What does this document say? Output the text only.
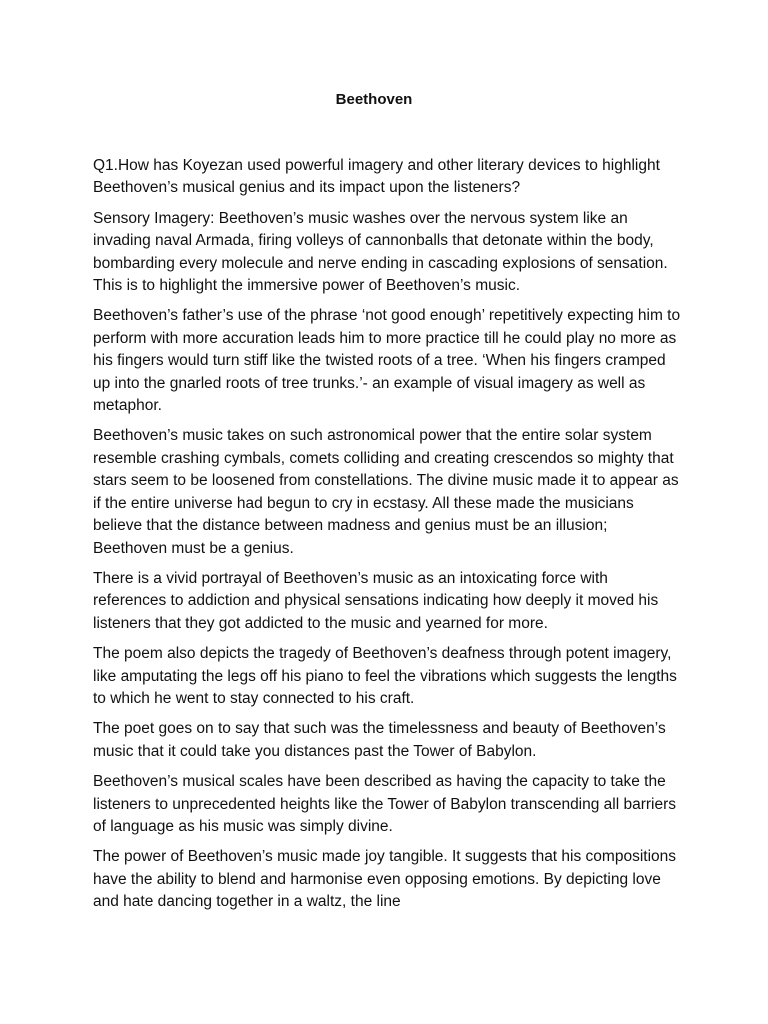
Beethoven

Q1.How has Koyezan used powerful imagery and other literary devices to highlight Beethoven’s musical genius and its impact upon the listeners?

Sensory Imagery: Beethoven’s music washes over the nervous system like an invading naval Armada, firing volleys of cannonballs that detonate within the body, bombarding every molecule and nerve ending in cascading explosions of sensation. This is to highlight the immersive power of Beethoven’s music.

Beethoven’s father’s use of the phrase ‘not good enough’ repetitively expecting him to perform with more accuration leads him to more practice till he could play no more as his fingers would turn stiff like the twisted roots of a tree. ‘When his fingers cramped up into the gnarled roots of tree trunks.’- an example of visual imagery as well as metaphor.

Beethoven’s music takes on such astronomical power that the entire solar system resemble crashing cymbals, comets colliding and creating crescendos so mighty that stars seem to be loosened from constellations. The divine music made it to appear as if the entire universe had begun to cry in ecstasy. All these made the musicians believe that the distance between madness and genius must be an illusion; Beethoven must be a genius.

There is a vivid portrayal of Beethoven’s music as an intoxicating force with references to addiction and physical sensations indicating how deeply it moved his listeners that they got addicted to the music and yearned for more.

The poem also depicts the tragedy of Beethoven’s deafness through potent imagery, like amputating the legs off his piano to feel the vibrations which suggests the lengths to which he went to stay connected to his craft.

The poet goes on to say that such was the timelessness and beauty of Beethoven’s music that it could take you distances past the Tower of Babylon.

Beethoven’s musical scales have been described as having the capacity to take the listeners to unprecedented heights like the Tower of Babylon transcending all barriers of language as his music was simply divine.

The power of Beethoven’s music made joy tangible. It suggests that his compositions have the ability to blend and harmonise even opposing emotions. By depicting love and hate dancing together in a waltz, the line
